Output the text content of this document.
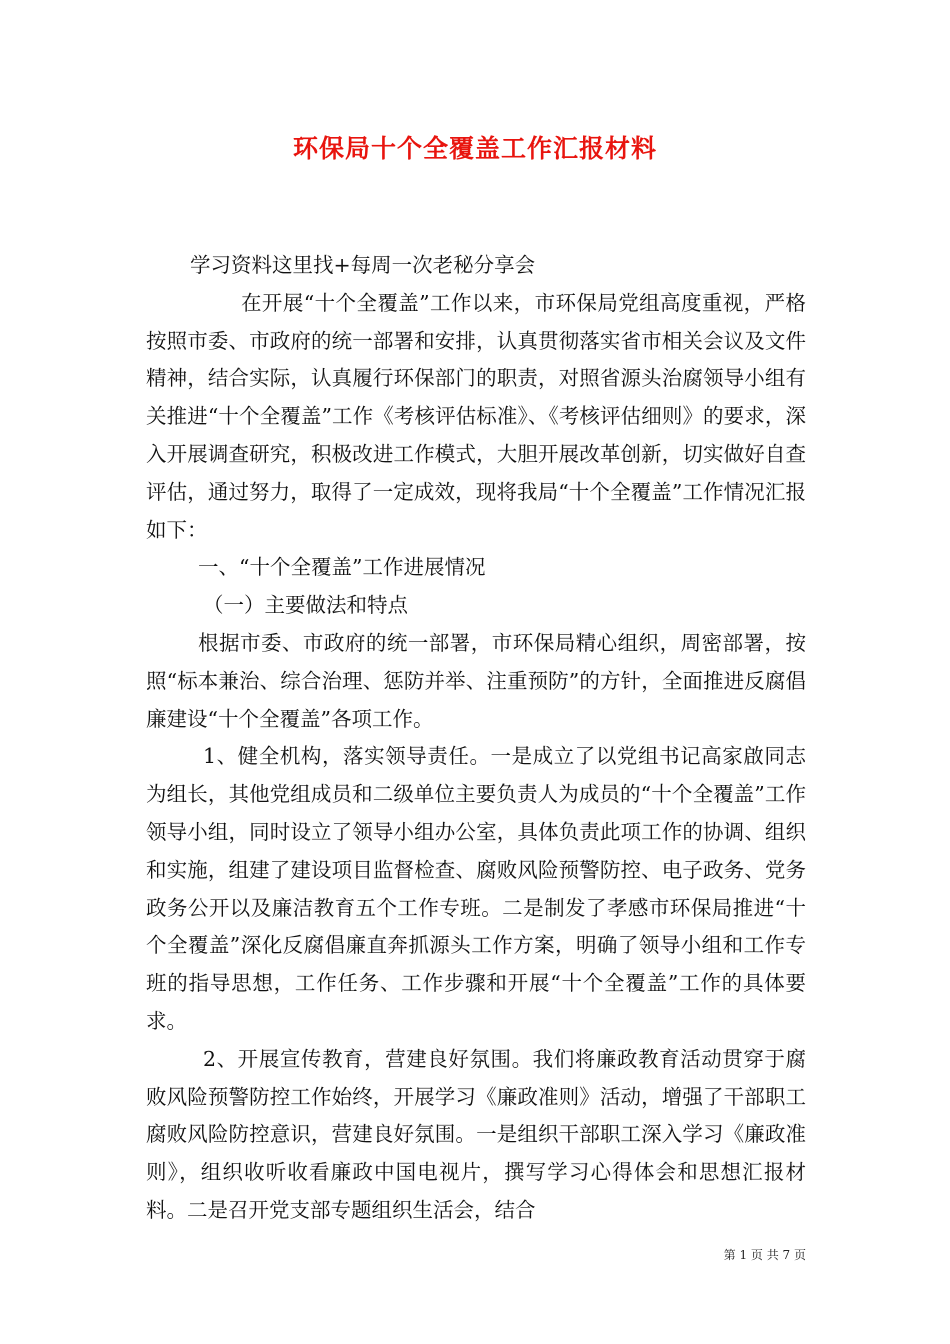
环保局十个全覆盖工作汇报材料

学习资料这里找+每周一次老秘分享会

在开展“十个全覆盖”工作以来，市环保局党组高度重视，严格按照市委、市政府的统一部署和安排，认真贯彻落实省市相关会议及文件精神，结合实际，认真履行环保部门的职责，对照省源头治腐领导小组有关推进“十个全覆盖”工作《考核评估标准》、《考核评估细则》的要求，深入开展调查研究，积极改进工作模式，大胆开展改革创新，切实做好自查评估，通过努力，取得了一定成效，现将我局“十个全覆盖”工作情况汇报如下：

一、“十个全覆盖”工作进展情况

（一）主要做法和特点

根据市委、市政府的统一部署，市环保局精心组织，周密部署，按照“标本兼治、综合治理、惩防并举、注重预防”的方针，全面推进反腐倡廉建设“十个全覆盖”各项工作。

1、健全机构，落实领导责任。一是成立了以党组书记高家啟同志为组长，其他党组成员和二级单位主要负责人为成员的“十个全覆盖”工作领导小组，同时设立了领导小组办公室，具体负责此项工作的协调、组织和实施，组建了建设项目监督检查、腐败风险预警防控、电子政务、党务政务公开以及廉洁教育五个工作专班。二是制发了孝感市环保局推进“十个全覆盖”深化反腐倡廉直奔抓源头工作方案，明确了领导小组和工作专班的指导思想，工作任务、工作步骤和开展“十个全覆盖”工作的具体要求。

2、开展宣传教育，营建良好氛围。我们将廉政教育活动贯穿于腐败风险预警防控工作始终，开展学习《廉政准则》活动，增强了干部职工腐败风险防控意识，营建良好氛围。一是组织干部职工深入学习《廉政准则》，组织收听收看廉政中国电视片，撰写学习心得体会和思想汇报材料。二是召开党支部专题组织生活会，结合

第 1 页 共 7 页
